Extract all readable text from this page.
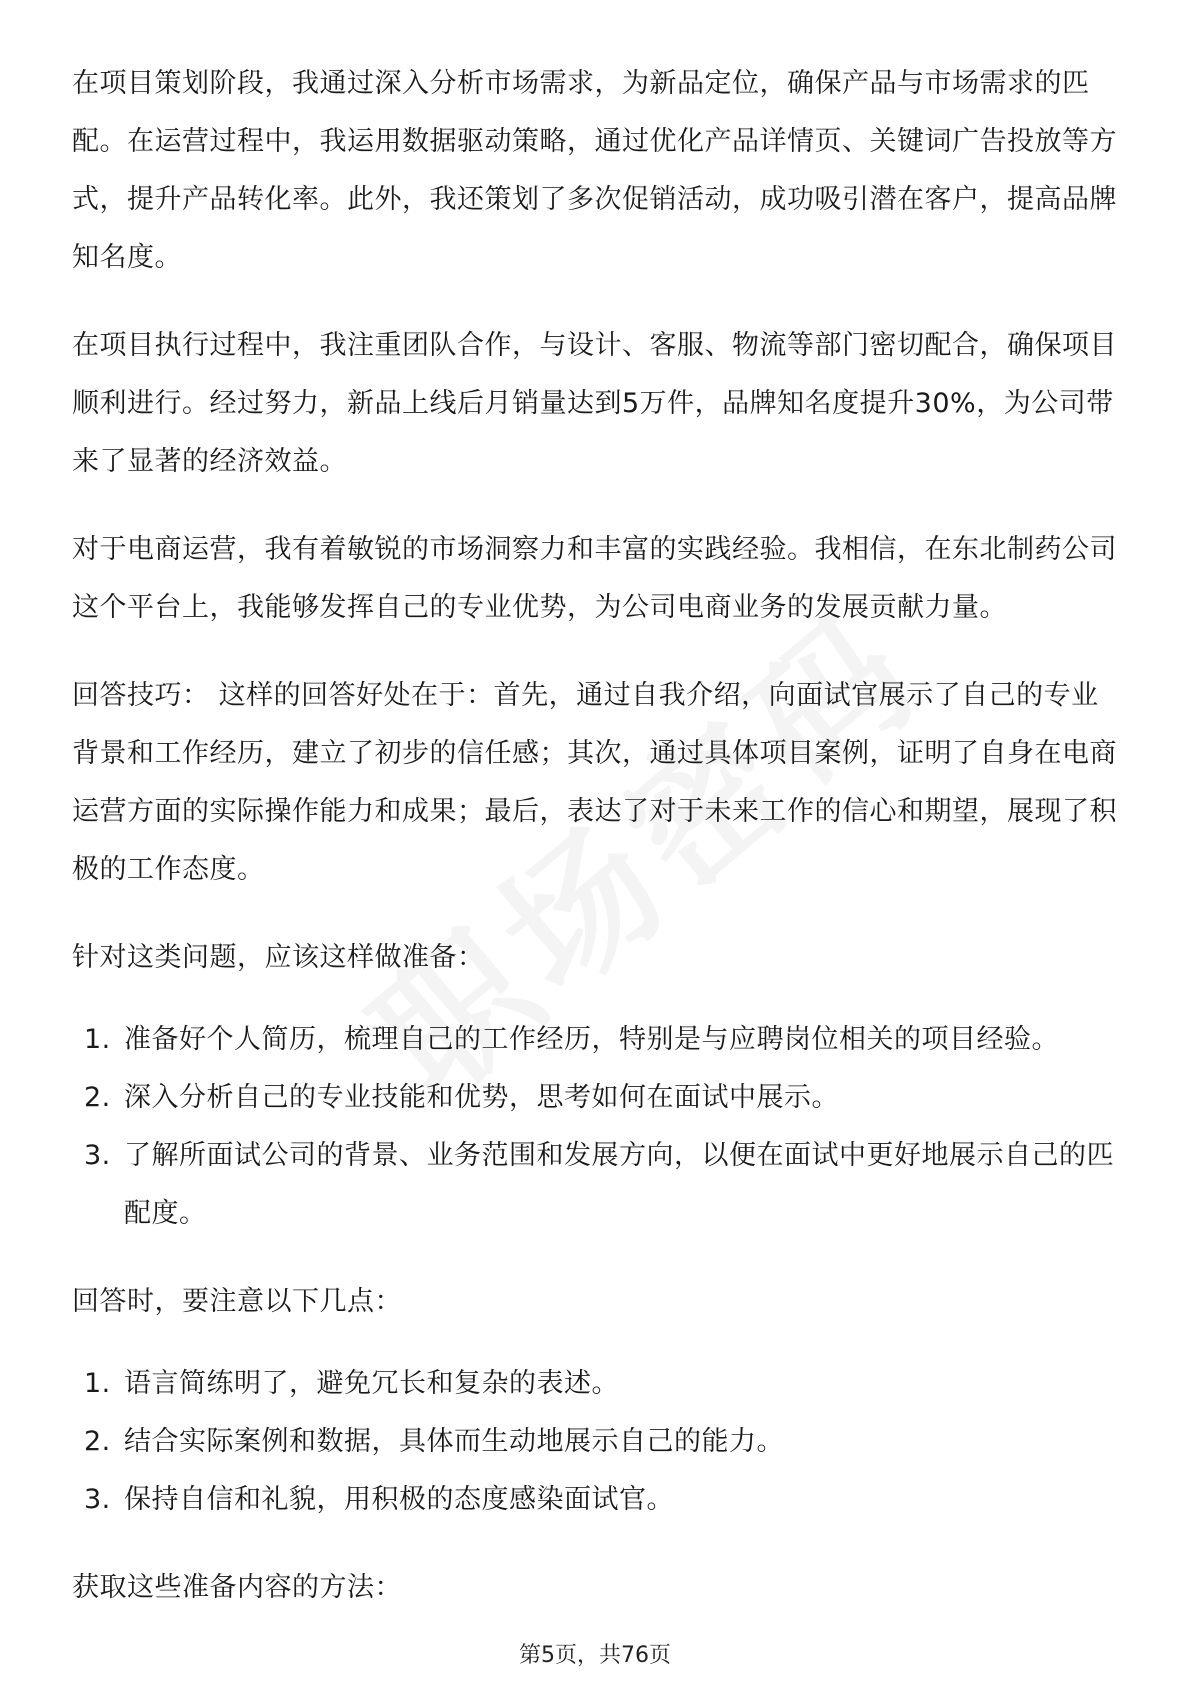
在项目策划阶段，我通过深入分析市场需求，为新品定位，确保产品与市场需求的匹配。在运营过程中，我运用数据驱动策略，通过优化产品详情页、关键词广告投放等方式，提升产品转化率。此外，我还策划了多次促销活动，成功吸引潜在客户，提高品牌知名度。

在项目执行过程中，我注重团队合作，与设计、客服、物流等部门密切配合，确保项目顺利进行。经过努力，新品上线后月销量达到5万件，品牌知名度提升30%，为公司带来了显著的经济效益。

对于电商运营，我有着敏锐的市场洞察力和丰富的实践经验。我相信，在东北制药公司这个平台上，我能够发挥自己的专业优势，为公司电商业务的发展贡献力量。

回答技巧： 这样的回答好处在于：首先，通过自我介绍，向面试官展示了自己的专业背景和工作经历，建立了初步的信任感；其次，通过具体项目案例，证明了自身在电商运营方面的实际操作能力和成果；最后，表达了对于未来工作的信心和期望，展现了积极的工作态度。

针对这类问题，应该这样做准备：

1. 准备好个人简历，梳理自己的工作经历，特别是与应聘岗位相关的项目经验。
2. 深入分析自己的专业技能和优势，思考如何在面试中展示。
3. 了解所面试公司的背景、业务范围和发展方向，以便在面试中更好地展示自己的匹配度。

回答时，要注意以下几点：

1. 语言简练明了，避免冗长和复杂的表述。
2. 结合实际案例和数据，具体而生动地展示自己的能力。
3. 保持自信和礼貌，用积极的态度感染面试官。

获取这些准备内容的方法：

第5页，共76页
